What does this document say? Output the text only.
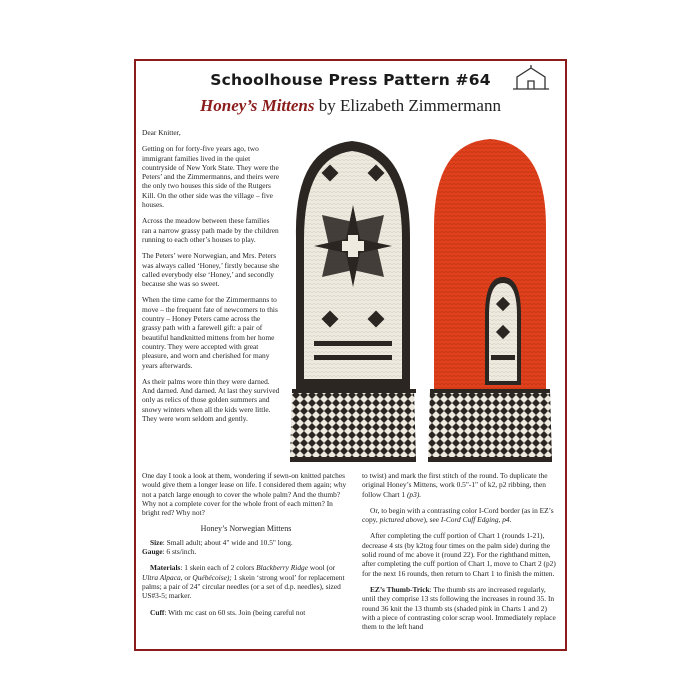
Schoolhouse Press Pattern #64
Honey’s Mittens by Elizabeth Zimmermann

Dear Knitter,

Getting on for forty-five years ago, two immigrant families lived in the quiet countryside of New York State. They were the Peters’ and the Zimmermanns, and theirs were the only two houses this side of the Rutgers Kill. On the other side was the village – five houses.

Across the meadow between these families ran a narrow grassy path made by the children running to each other’s houses to play.

The Peters’ were Norwegian, and Mrs. Peters was always called ‘Honey,’ firstly because she called everybody else ‘Honey,’ and secondly because she was so sweet.

When the time came for the Zimmermanns to move – the frequent fate of newcomers to this country – Honey Peters came across the grassy path with a farewell gift: a pair of beautiful handknitted mittens from her home country. They were accepted with great pleasure, and worn and cherished for many years afterwards.

As their palms wore thin they were darned. And darned. And darned. At last they survived only as relics of those golden summers and snowy winters when all the kids were little. They were worn seldom and gently.

One day I took a look at them, wondering if sewn-on knitted patches would give them a longer lease on life. I considered them again; why not a patch large enough to cover the whole palm? And the thumb? Why not a complete cover for the whole front of each mitten? In bright red? Why not?

Honey’s Norwegian Mittens

Size: Small adult; about 4" wide and 10.5" long.
Gauge: 6 sts/inch.

Materials: 1 skein each of 2 colors Blackberry Ridge wool (or Ultra Alpaca, or Québécoise); 1 skein ‘strong wool’ for replacement palms; a pair of 24" circular needles (or a set of d.p. needles), sized US#3-5; marker.

Cuff: With mc cast on 60 sts. Join (being careful not

to twist) and mark the first stitch of the round. To duplicate the original Honey’s Mittens, work 0.5"-1" of k2, p2 ribbing, then follow Chart 1 (p3).

Or, to begin with a contrasting color I-Cord border (as in EZ’s copy, pictured above), see I-Cord Cuff Edging, p4.

After completing the cuff portion of Chart 1 (rounds 1-21), decrease 4 sts (by k2tog four times on the palm side) during the solid round of mc above it (round 22). For the righthand mitten, after completing the cuff portion of Chart 1, move to Chart 2 (p2) for the next 16 rounds, then return to Chart 1 to finish the mitten.

EZ’s Thumb-Trick: The thumb sts are increased regularly, until they comprise 13 sts following the increases in round 35. In round 36 knit the 13 thumb sts (shaded pink in Charts 1 and 2) with a piece of contrasting color scrap wool. Immediately replace them to the left hand
